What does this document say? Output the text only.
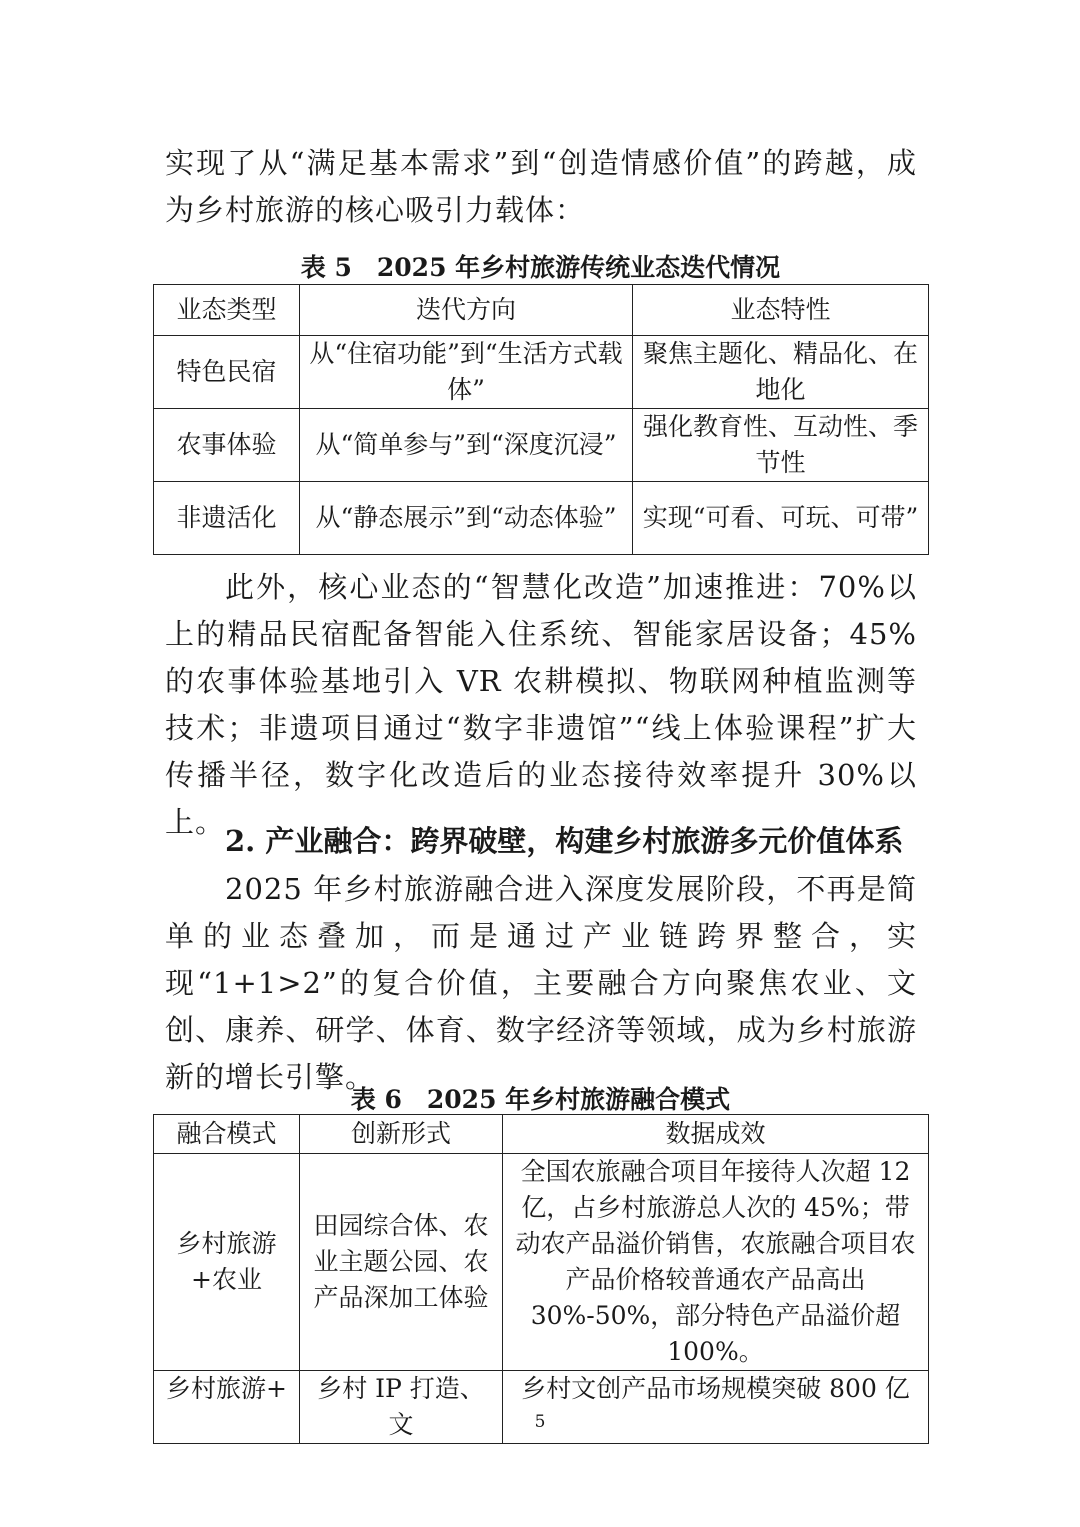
实现了从“满足基本需求”到“创造情感价值”的跨越，成为乡村旅游的核心吸引力载体：

表 5　2025 年乡村旅游传统业态迭代情况

业态类型	迭代方向	业态特性
特色民宿	从“住宿功能”到“生活方式载体”	聚焦主题化、精品化、在地化
农事体验	从“简单参与”到“深度沉浸”	强化教育性、互动性、季节性
非遗活化	从“静态展示”到“动态体验”	实现“可看、可玩、可带”

此外，核心业态的“智慧化改造”加速推进：70%以上的精品民宿配备智能入住系统、智能家居设备；45%的农事体验基地引入 VR 农耕模拟、物联网种植监测等技术；非遗项目通过“数字非遗馆”“线上体验课程”扩大传播半径，数字化改造后的业态接待效率提升 30%以上。

2. 产业融合：跨界破壁，构建乡村旅游多元价值体系

2025 年乡村旅游融合进入深度发展阶段，不再是简单的业态叠加，而是通过产业链跨界整合，实现“1+1>2”的复合价值，主要融合方向聚焦农业、文创、康养、研学、体育、数字经济等领域，成为乡村旅游新的增长引擎。

表 6　2025 年乡村旅游融合模式

融合模式	创新形式	数据成效
乡村旅游+农业	田园综合体、农业主题公园、农产品深加工体验	全国农旅融合项目年接待人次超 12 亿，占乡村旅游总人次的 45%；带动农产品溢价销售，农旅融合项目农产品价格较普通农产品高出 30%-50%，部分特色产品溢价超 100%。
乡村旅游+	乡村 IP 打造、文	乡村文创产品市场规模突破 800 亿

5
